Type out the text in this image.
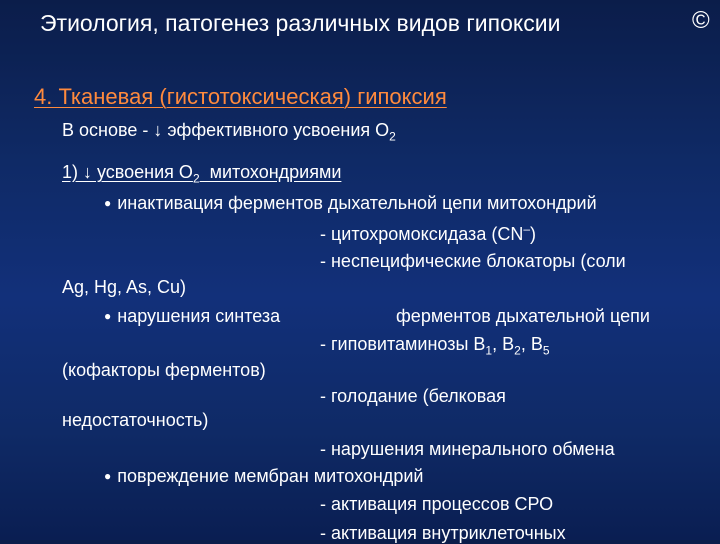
Этиология, патогенез различных видов гипоксии	©
4. Тканевая (гистотоксическая) гипоксия
В основе - ↓ эффективного усвоения $О_2$
1) ↓ усвоения $О_2$  митохондриями
● инактивация ферментов дыхательной цепи митохондрий
- цитохромоксидаза (CN–)
- неспецифические блокаторы (соли
Ag, Hg, As, Cu)
● нарушения синтеза	ферментов дыхательной цепи
- гиповитаминозы $В_1$, $В_2$, $В_5$
(кофакторы ферментов)
- голодание (белковая
недостаточность)
- нарушения минерального обмена
● повреждение мембран митохондрий
- активация процессов СРО
- активация внутриклеточных
